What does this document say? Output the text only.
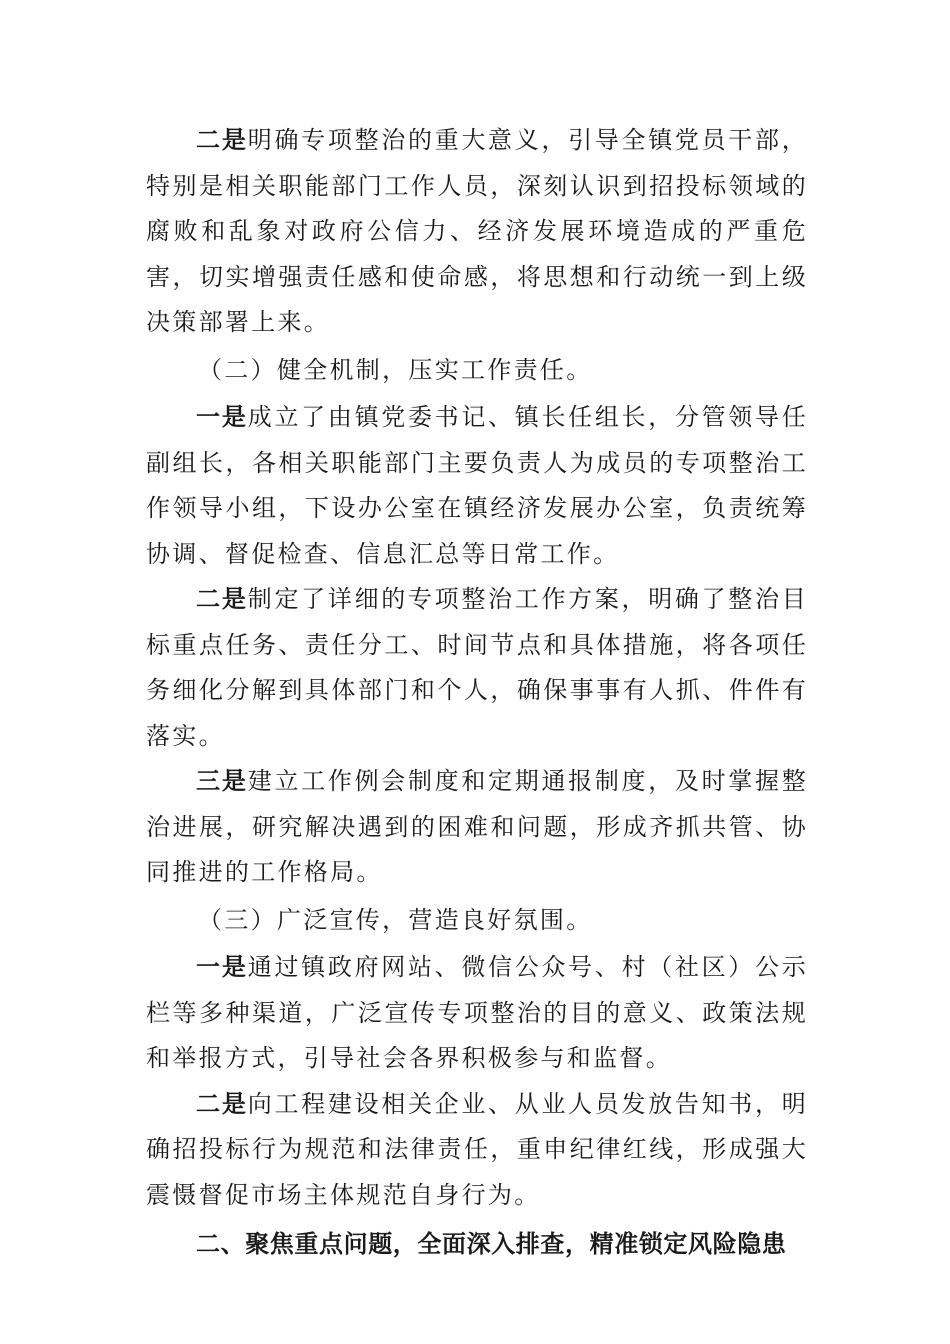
二是明确专项整治的重大意义，引导全镇党员干部，特别是相关职能部门工作人员，深刻认识到招投标领域的腐败和乱象对政府公信力、经济发展环境造成的严重危害，切实增强责任感和使命感，将思想和行动统一到上级决策部署上来。

（二）健全机制，压实工作责任。

一是成立了由镇党委书记、镇长任组长，分管领导任副组长，各相关职能部门主要负责人为成员的专项整治工作领导小组，下设办公室在镇经济发展办公室，负责统筹协调、督促检查、信息汇总等日常工作。

二是制定了详细的专项整治工作方案，明确了整治目标重点任务、责任分工、时间节点和具体措施，将各项任务细化分解到具体部门和个人，确保事事有人抓、件件有落实。

三是建立工作例会制度和定期通报制度，及时掌握整治进展，研究解决遇到的困难和问题，形成齐抓共管、协同推进的工作格局。

（三）广泛宣传，营造良好氛围。

一是通过镇政府网站、微信公众号、村（社区）公示栏等多种渠道，广泛宣传专项整治的目的意义、政策法规和举报方式，引导社会各界积极参与和监督。

二是向工程建设相关企业、从业人员发放告知书，明确招投标行为规范和法律责任，重申纪律红线，形成强大震慑督促市场主体规范自身行为。

二、聚焦重点问题，全面深入排查，精准锁定风险隐患
